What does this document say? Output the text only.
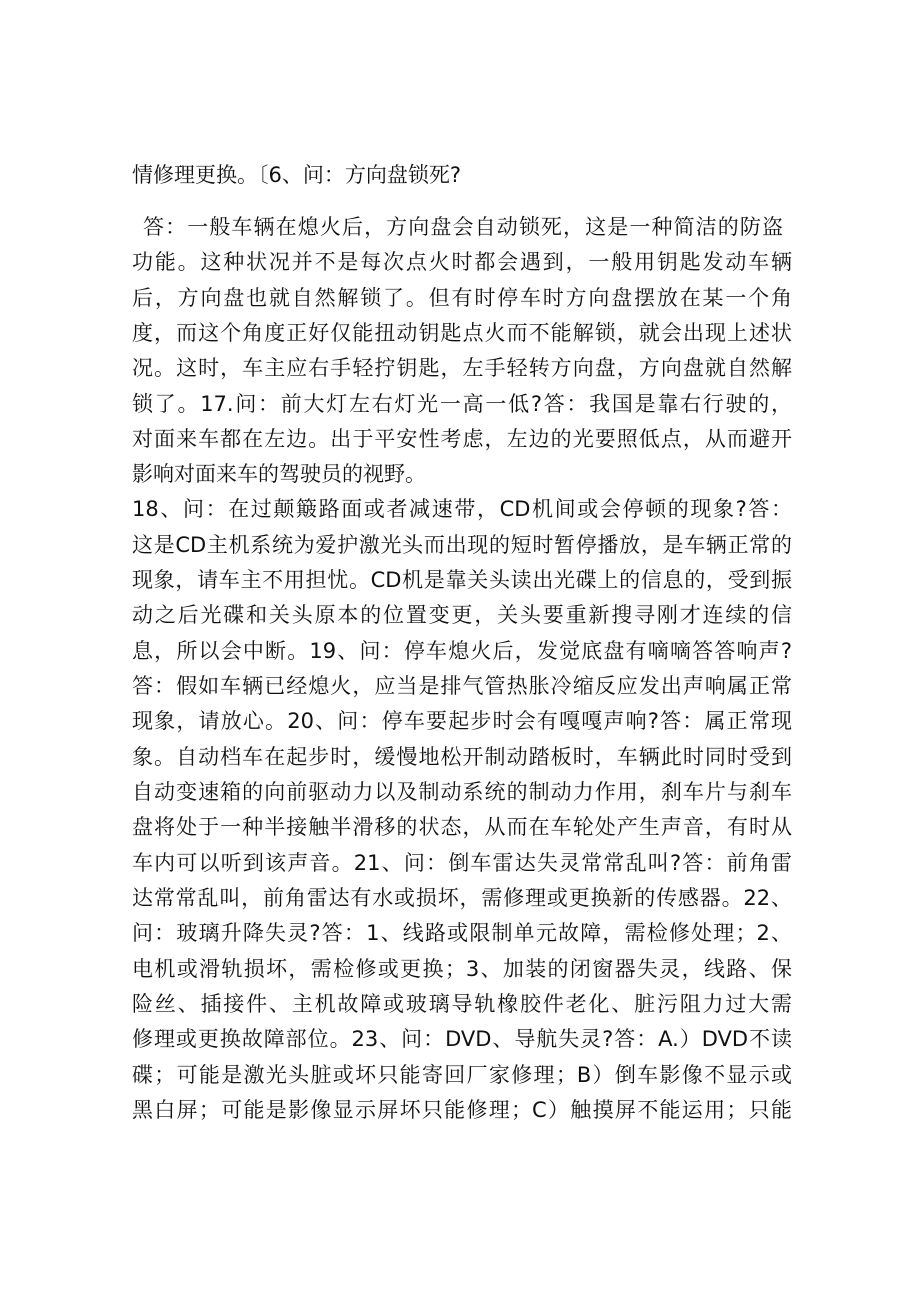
情修理更换。〔6、问：方向盘锁死?
答：一般车辆在熄火后，方向盘会自动锁死，这是一种简洁的防盗
功能。这种状况并不是每次点火时都会遇到，一般用钥匙发动车辆
后，方向盘也就自然解锁了。但有时停车时方向盘摆放在某一个角
度，而这个角度正好仅能扭动钥匙点火而不能解锁，就会出现上述状
况。这时，车主应右手轻拧钥匙，左手轻转方向盘，方向盘就自然解
锁了。17.问：前大灯左右灯光一高一低?答：我国是靠右行驶的，
对面来车都在左边。出于平安性考虑，左边的光要照低点，从而避开
影响对面来车的驾驶员的视野。
18、问：在过颠簸路面或者减速带，CD机间或会停顿的现象?答：
这是CD主机系统为爱护激光头而出现的短时暂停播放，是车辆正常的
现象，请车主不用担忧。CD机是靠关头读出光碟上的信息的，受到振
动之后光碟和关头原本的位置变更，关头要重新搜寻刚才连续的信
息，所以会中断。19、问：停车熄火后，发觉底盘有嘀嘀答答响声?
答：假如车辆已经熄火，应当是排气管热胀冷缩反应发出声响属正常
现象，请放心。20、问：停车要起步时会有嘎嘎声响?答：属正常现
象。自动档车在起步时，缓慢地松开制动踏板时，车辆此时同时受到
自动变速箱的向前驱动力以及制动系统的制动力作用，刹车片与刹车
盘将处于一种半接触半滑移的状态，从而在车轮处产生声音，有时从
车内可以听到该声音。21、问：倒车雷达失灵常常乱叫?答：前角雷
达常常乱叫，前角雷达有水或损坏，需修理或更换新的传感器。22、
问：玻璃升降失灵?答：1、线路或限制单元故障，需检修处理；2、
电机或滑轨损坏，需检修或更换；3、加装的闭窗器失灵，线路、保
险丝、插接件、主机故障或玻璃导轨橡胶件老化、脏污阻力过大需
修理或更换故障部位。23、问：DVD、导航失灵?答：A.）DVD不读
碟；可能是激光头脏或坏只能寄回厂家修理；B）倒车影像不显示或
黑白屏；可能是影像显示屏坏只能修理；C）触摸屏不能运用；只能
